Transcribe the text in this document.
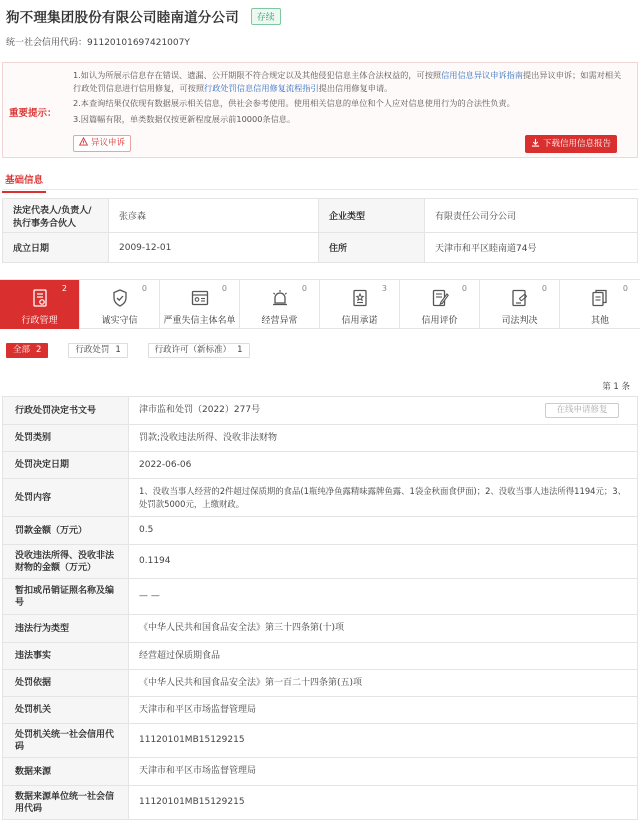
狗不理集团股份有限公司睦南道分公司 存续
统一社会信用代码：91120101697421007Y
重要提示：

1.如认为所展示信息存在错误、遗漏、公开期限不符合规定以及其他侵犯信息主体合法权益的，可按照信用信息异议申诉指南提出异议申诉；如需对相关行政处罚信息进行信用修复，可按照行政处罚信息信用修复流程指引提出信用修复申请。

2.本查询结果仅依现有数据展示相关信息，供社会参考使用。使用相关信息的单位和个人应对信息使用行为的合法性负责。

3.因篇幅有限，单类数据仅按更新程度展示前10000条信息。

异议申诉	下载信用信息报告
基础信息
法定代表人/负责人/执行事务合伙人	张彦森	企业类型	有限责任公司分公司
成立日期	2009-12-01	住所	天津市和平区睦南道74号
2
行政管理
0
诚实守信
0
严重失信主体名单
0
经营异常
3
信用承诺
0
信用评价
0
司法判决
0
其他
全部 2	行政处罚 1	行政许可（新标准） 1
第 1 条
行政处罚决定书文号	津市监和处罚（2022）277号 在线申请修复

处罚类别	罚款;没收违法所得、没收非法财物
处罚决定日期	2022-06-06
处罚内容	1、没收当事人经营的2件超过保质期的食品(1瓶纯净鱼露精味露牌鱼露、1袋金秋面食伊面)；2、没收当事人违法所得1194元；3、处罚款5000元，上缴财政。
罚款金额（万元）	0.5
没收违法所得、没收非法财物的金额（万元）	0.1194
暂扣或吊销证照名称及编号	— —
违法行为类型	《中华人民共和国食品安全法》第三十四条第(十)项
违法事实	经营超过保质期食品
处罚依据	《中华人民共和国食品安全法》第一百二十四条第(五)项
处罚机关	天津市和平区市场监督管理局
处罚机关统一社会信用代码	11120101MB15129215
数据来源	天津市和平区市场监督管理局
数据来源单位统一社会信用代码	11120101MB15129215
